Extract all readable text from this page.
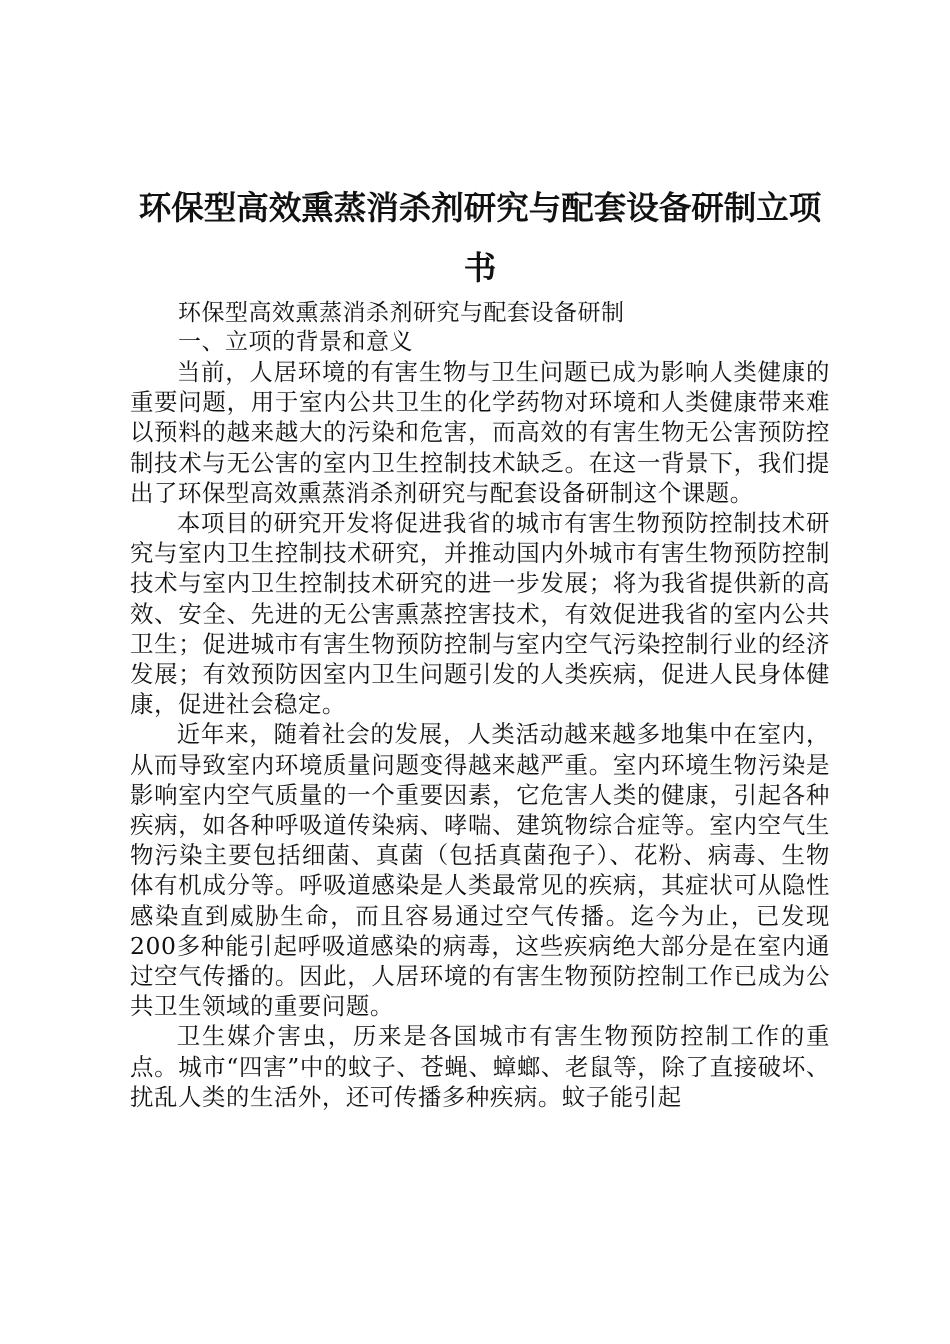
环保型高效熏蒸消杀剂研究与配套设备研制立项书

环保型高效熏蒸消杀剂研究与配套设备研制

一、立项的背景和意义

当前，人居环境的有害生物与卫生问题已成为影响人类健康的重要问题，用于室内公共卫生的化学药物对环境和人类健康带来难以预料的越来越大的污染和危害，而高效的有害生物无公害预防控制技术与无公害的室内卫生控制技术缺乏。在这一背景下，我们提出了环保型高效熏蒸消杀剂研究与配套设备研制这个课题。

本项目的研究开发将促进我省的城市有害生物预防控制技术研究与室内卫生控制技术研究，并推动国内外城市有害生物预防控制技术与室内卫生控制技术研究的进一步发展；将为我省提供新的高效、安全、先进的无公害熏蒸控害技术，有效促进我省的室内公共卫生；促进城市有害生物预防控制与室内空气污染控制行业的经济发展；有效预防因室内卫生问题引发的人类疾病，促进人民身体健康，促进社会稳定。

近年来，随着社会的发展，人类活动越来越多地集中在室内，从而导致室内环境质量问题变得越来越严重。室内环境生物污染是影响室内空气质量的一个重要因素，它危害人类的健康，引起各种疾病，如各种呼吸道传染病、哮喘、建筑物综合症等。室内空气生物污染主要包括细菌、真菌（包括真菌孢子）、花粉、病毒、生物体有机成分等。呼吸道感染是人类最常见的疾病，其症状可从隐性感染直到威胁生命，而且容易通过空气传播。迄今为止，已发现200多种能引起呼吸道感染的病毒，这些疾病绝大部分是在室内通过空气传播的。因此，人居环境的有害生物预防控制工作已成为公共卫生领域的重要问题。

卫生媒介害虫，历来是各国城市有害生物预防控制工作的重点。城市“四害”中的蚊子、苍蝇、蟑螂、老鼠等，除了直接破坏、扰乱人类的生活外，还可传播多种疾病。蚊子能引起
